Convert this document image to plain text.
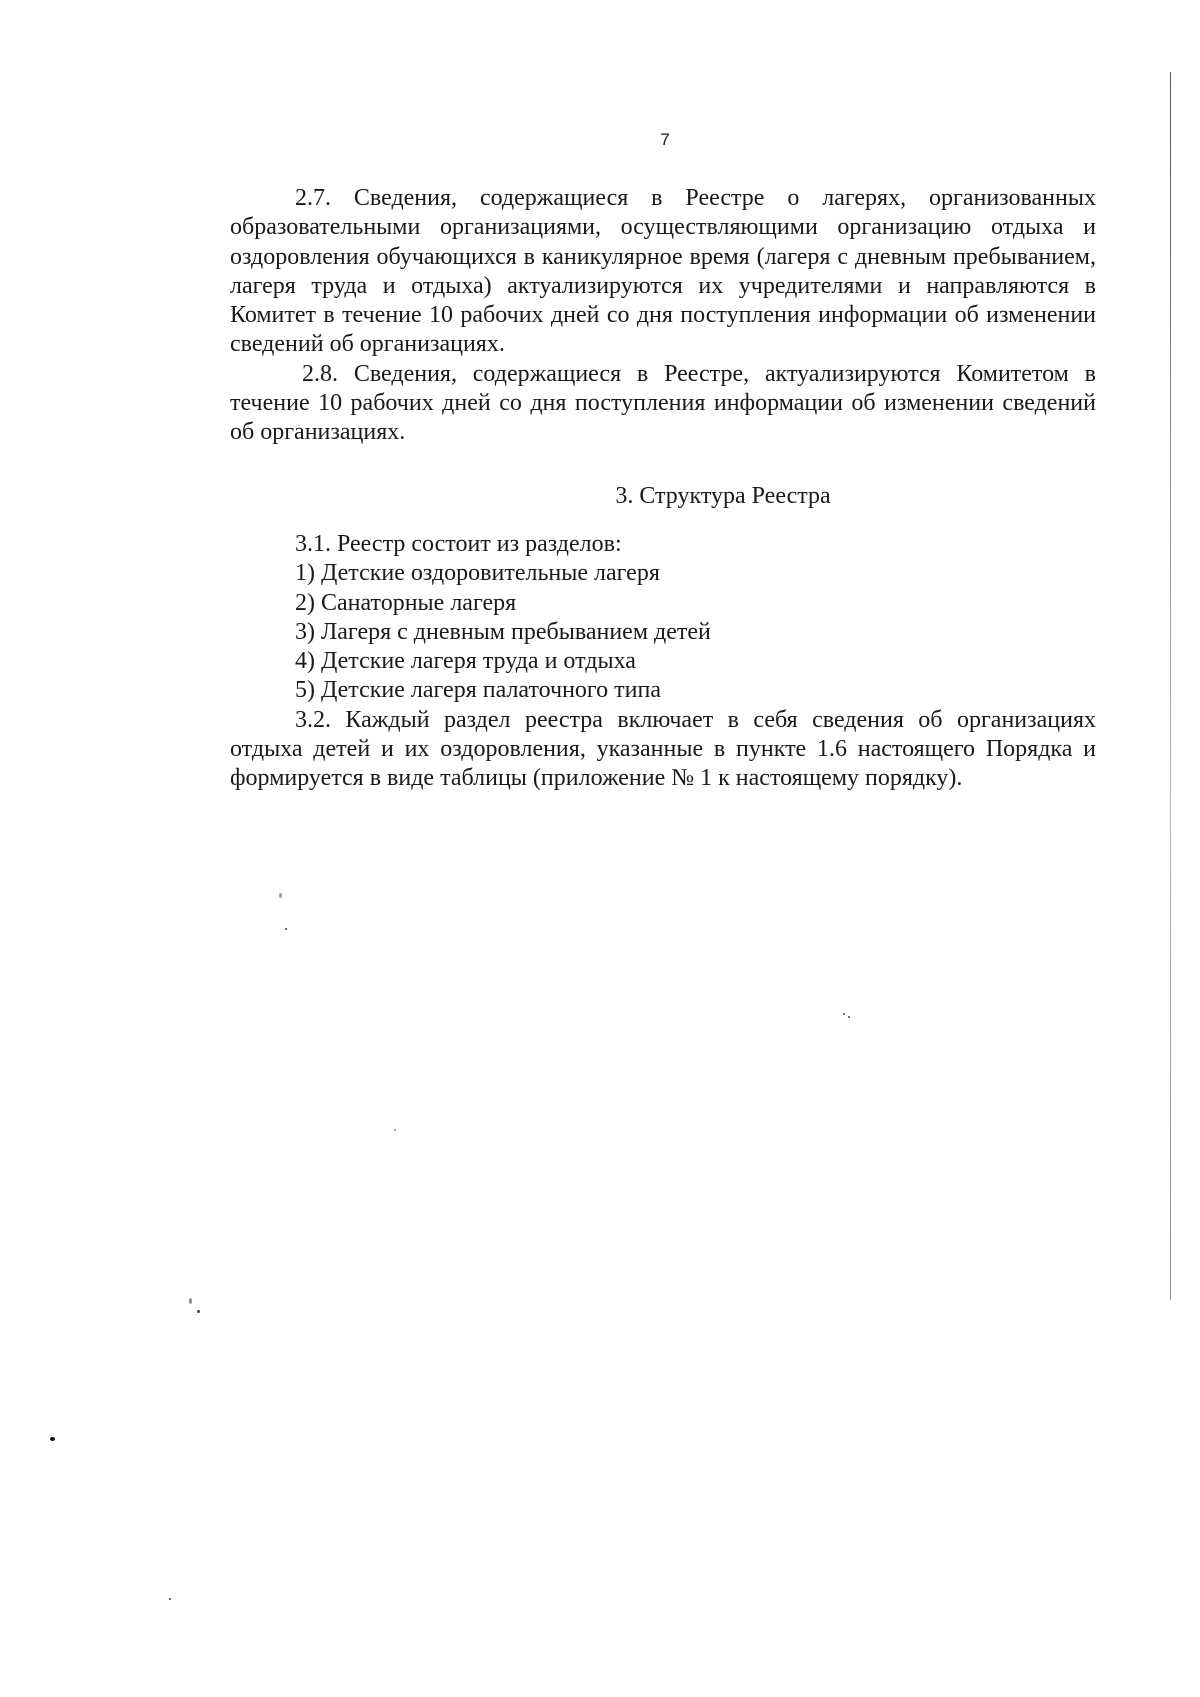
7

2.7. Сведения, содержащиеся в Реестре о лагерях, организованных образовательными организациями, осуществляющими организацию отдыха и оздоровления обучающихся в каникулярное время (лагеря с дневным пребыванием, лагеря труда и отдыха) актуализируются их учредителями и направляются в Комитет в течение 10 рабочих дней со дня поступления информации об изменении сведений об организациях.

2.8. Сведения, содержащиеся в Реестре, актуализируются Комитетом в течение 10 рабочих дней со дня поступления информации об изменении сведений об организациях.

3. Структура Реестра

3.1. Реестр состоит из разделов:

1) Детские оздоровительные лагеря

2) Санаторные лагеря

3) Лагеря с дневным пребыванием детей

4) Детские лагеря труда и отдыха

5) Детские лагеря палаточного типа

3.2. Каждый раздел реестра включает в себя сведения об организациях отдыха детей и их оздоровления, указанные в пункте 1.6 настоящего Порядка и формируется в виде таблицы (приложение № 1 к настоящему порядку).
